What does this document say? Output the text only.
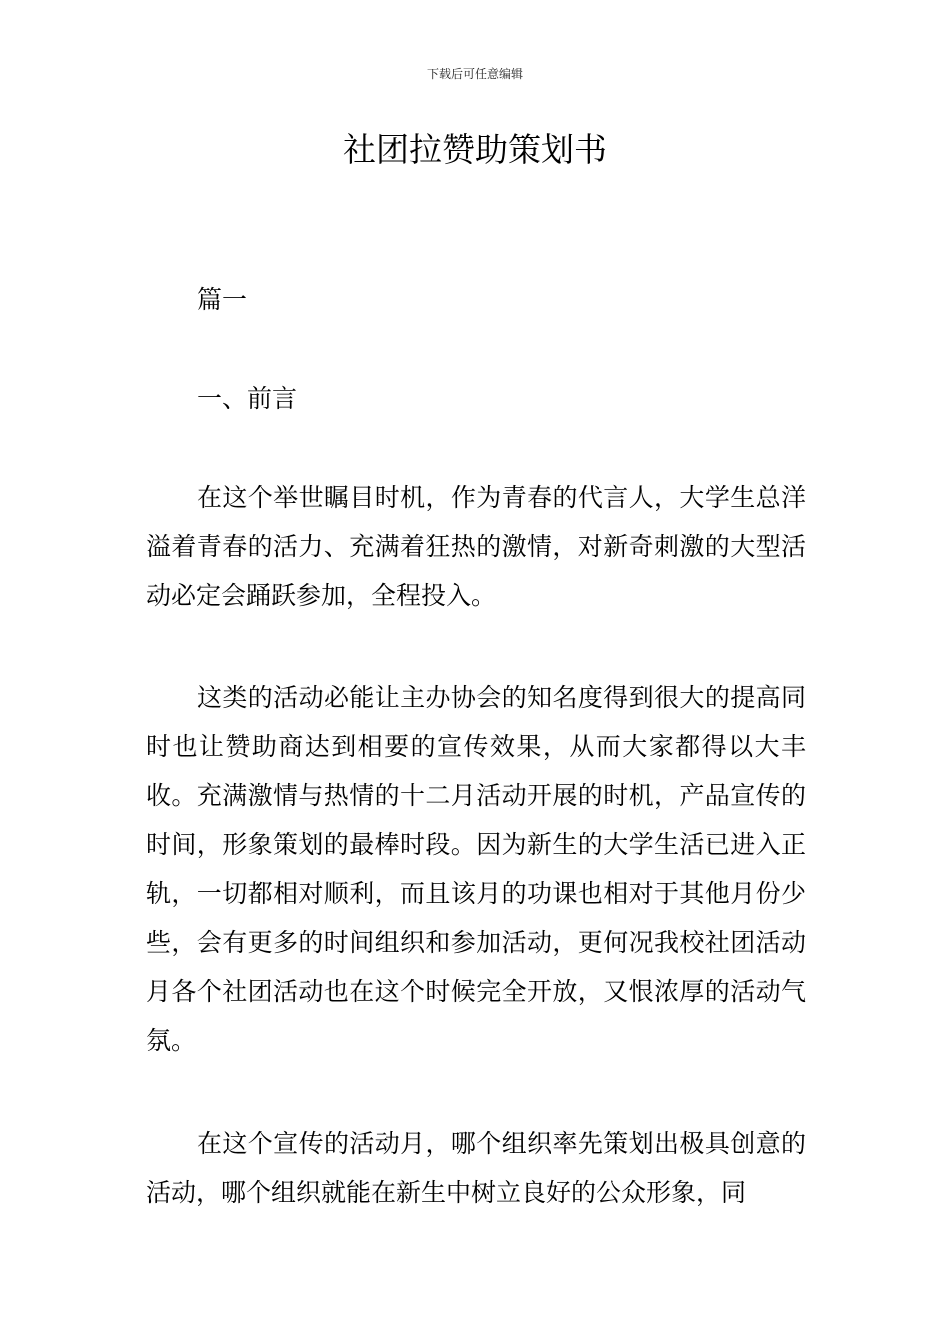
下载后可任意编辑
社团拉赞助策划书

篇一

一、前言

在这个举世瞩目时机，作为青春的代言人，大学生总洋溢着青春的活力、充满着狂热的激情，对新奇刺激的大型活动必定会踊跃参加，全程投入。

这类的活动必能让主办协会的知名度得到很大的提高同时也让赞助商达到相要的宣传效果，从而大家都得以大丰收。充满激情与热情的十二月活动开展的时机，产品宣传的时间，形象策划的最棒时段。因为新生的大学生活已进入正轨，一切都相对顺利，而且该月的功课也相对于其他月份少些，会有更多的时间组织和参加活动，更何况我校社团活动月各个社团活动也在这个时候完全开放，又恨浓厚的活动气氛。

在这个宣传的活动月，哪个组织率先策划出极具创意的活动，哪个组织就能在新生中树立良好的公众形象，同
